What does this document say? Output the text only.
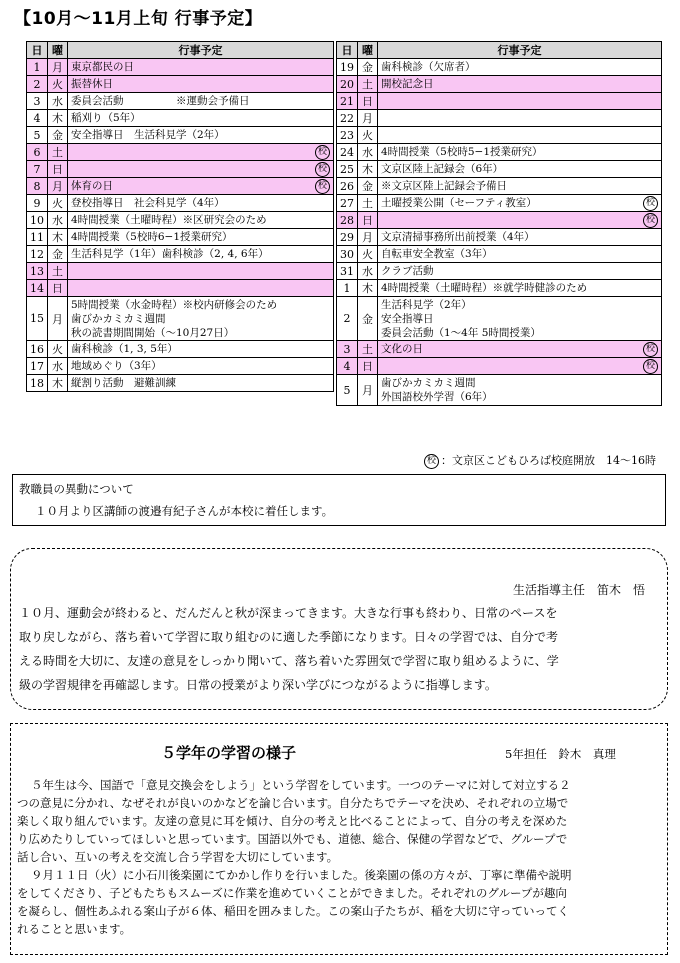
【10月～11月上旬 行事予定】
日	曜	行事予定
1	月	東京都民の日
2	火	振替休日
3	水	委員会活動　　　　　※運動会予備日
4	木	稲刈り（5年）
5	金	安全指導日　生活科見学（2年）
6	土	校

7	日	校

8	月	体育の日 校

9	火	登校指導日　社会科見学（4年）
10	水	4時間授業（土曜時程）※区研究会のため
11	木	4時間授業（5校時6−1授業研究）
12	金	生活科見学（1年）歯科検診（2, 4, 6年）
13	土	
14	日	
15	月	5時間授業（水金時程）※校内研修会のため
歯びかカミカミ週間
秋の読書期間開始（～10月27日）
16	火	歯科検診（1, 3, 5年）
17	水	地域めぐり（3年）
18	木	縦割り活動　避難訓練
日	曜	行事予定
19	金	歯科検診（欠席者）
20	土	開校記念日
21	日	
22	月	
23	火	
24	水	4時間授業（5校時5−1授業研究）
25	木	文京区陸上記録会（6年）
26	金	※文京区陸上記録会予備日
27	土	土曜授業公開（セーフティ教室） 校

28	日	校

29	月	文京清掃事務所出前授業（4年）
30	火	自転車安全教室（3年）
31	水	クラブ活動
1	木	4時間授業（土曜時程）※就学時健診のため
2	金	生活科見学（2年）
安全指導日
委員会活動（1～4年 5時間授業）
3	土	文化の日 校

4	日	校

5	月	歯びかカミカミ週間
外国語校外学習（6年）
校 ：文京区こどもひろば校庭開放　14～16時
教職員の異動について
１０月より区講師の渡邉有紀子さんが本校に着任します。

生活指導主任　笛木　悟

１０月、運動会が終わると、だんだんと秋が深まってきます。大きな行事も終わり、日常のペースを

取り戻しながら、落ち着いて学習に取り組むのに適した季節になります。日々の学習では、自分で考

える時間を大切に、友達の意見をしっかり聞いて、落ち着いた雰囲気で学習に取り組めるように、学

級の学習規律を再確認します。日常の授業がより深い学びにつながるように指導します。

５学年の学習の様子	5年担任　鈴木　真理

５年生は今、国語で「意見交換会をしよう」という学習をしています。一つのテーマに対して対立する２

つの意見に分かれ、なぜそれが良いのかなどを論じ合います。自分たちでテーマを決め、それぞれの立場で

楽しく取り組んでいます。友達の意見に耳を傾け、自分の考えと比べることによって、自分の考えを深めた

り広めたりしていってほしいと思っています。国語以外でも、道徳、総合、保健の学習などで、グループで

話し合い、互いの考えを交流し合う学習を大切にしています。

９月１１日（火）に小石川後楽園にてかかし作りを行いました。後楽園の係の方々が、丁寧に準備や説明

をしてくださり、子どもたちもスムーズに作業を進めていくことができました。それぞれのグループが趣向

を凝らし、個性あふれる案山子が６体、稲田を囲みました。この案山子たちが、稲を大切に守っていってく

れることと思います。
